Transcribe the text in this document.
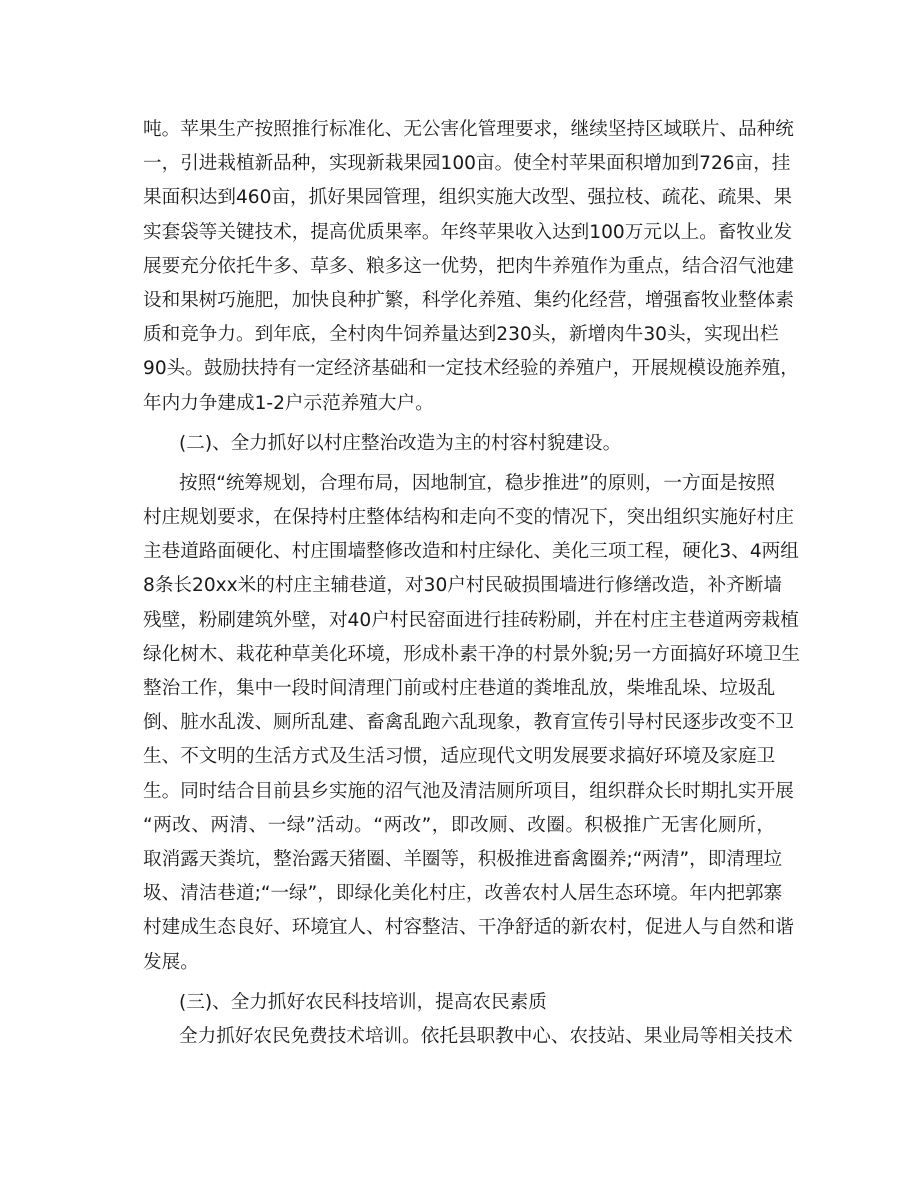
吨。苹果生产按照推行标准化、无公害化管理要求，继续坚持区域联片、品种统
一，引进栽植新品种，实现新栽果园100亩。使全村苹果面积增加到726亩，挂
果面积达到460亩，抓好果园管理，组织实施大改型、强拉枝、疏花、疏果、果
实套袋等关键技术，提高优质果率。年终苹果收入达到100万元以上。畜牧业发
展要充分依托牛多、草多、粮多这一优势，把肉牛养殖作为重点，结合沼气池建
设和果树巧施肥，加快良种扩繁，科学化养殖、集约化经营，增强畜牧业整体素
质和竞争力。到年底，全村肉牛饲养量达到230头，新增肉牛30头，实现出栏
90头。鼓励扶持有一定经济基础和一定技术经验的养殖户，开展规模设施养殖，
年内力争建成1-2户示范养殖大户。
(二)、全力抓好以村庄整治改造为主的村容村貌建设。
按照“统筹规划，合理布局，因地制宜，稳步推进”的原则，一方面是按照
村庄规划要求，在保持村庄整体结构和走向不变的情况下，突出组织实施好村庄
主巷道路面硬化、村庄围墙整修改造和村庄绿化、美化三项工程，硬化3、4两组
8条长20xx米的村庄主辅巷道，对30户村民破损围墙进行修缮改造，补齐断墙
残壁，粉刷建筑外壁，对40户村民窑面进行挂砖粉刷，并在村庄主巷道两旁栽植
绿化树木、栽花种草美化环境，形成朴素干净的村景外貌;另一方面搞好环境卫生
整治工作，集中一段时间清理门前或村庄巷道的粪堆乱放，柴堆乱垛、垃圾乱
倒、脏水乱泼、厕所乱建、畜禽乱跑六乱现象，教育宣传引导村民逐步改变不卫
生、不文明的生活方式及生活习惯，适应现代文明发展要求搞好环境及家庭卫
生。同时结合目前县乡实施的沼气池及清洁厕所项目，组织群众长时期扎实开展
“两改、两清、一绿”活动。“两改”，即改厕、改圈。积极推广无害化厕所，
取消露天粪坑，整治露天猪圈、羊圈等，积极推进畜禽圈养;“两清”，即清理垃
圾、清洁巷道;“一绿”，即绿化美化村庄，改善农村人居生态环境。年内把郭寨
村建成生态良好、环境宜人、村容整洁、干净舒适的新农村，促进人与自然和谐
发展。
(三)、全力抓好农民科技培训，提高农民素质
全力抓好农民免费技术培训。依托县职教中心、农技站、果业局等相关技术
